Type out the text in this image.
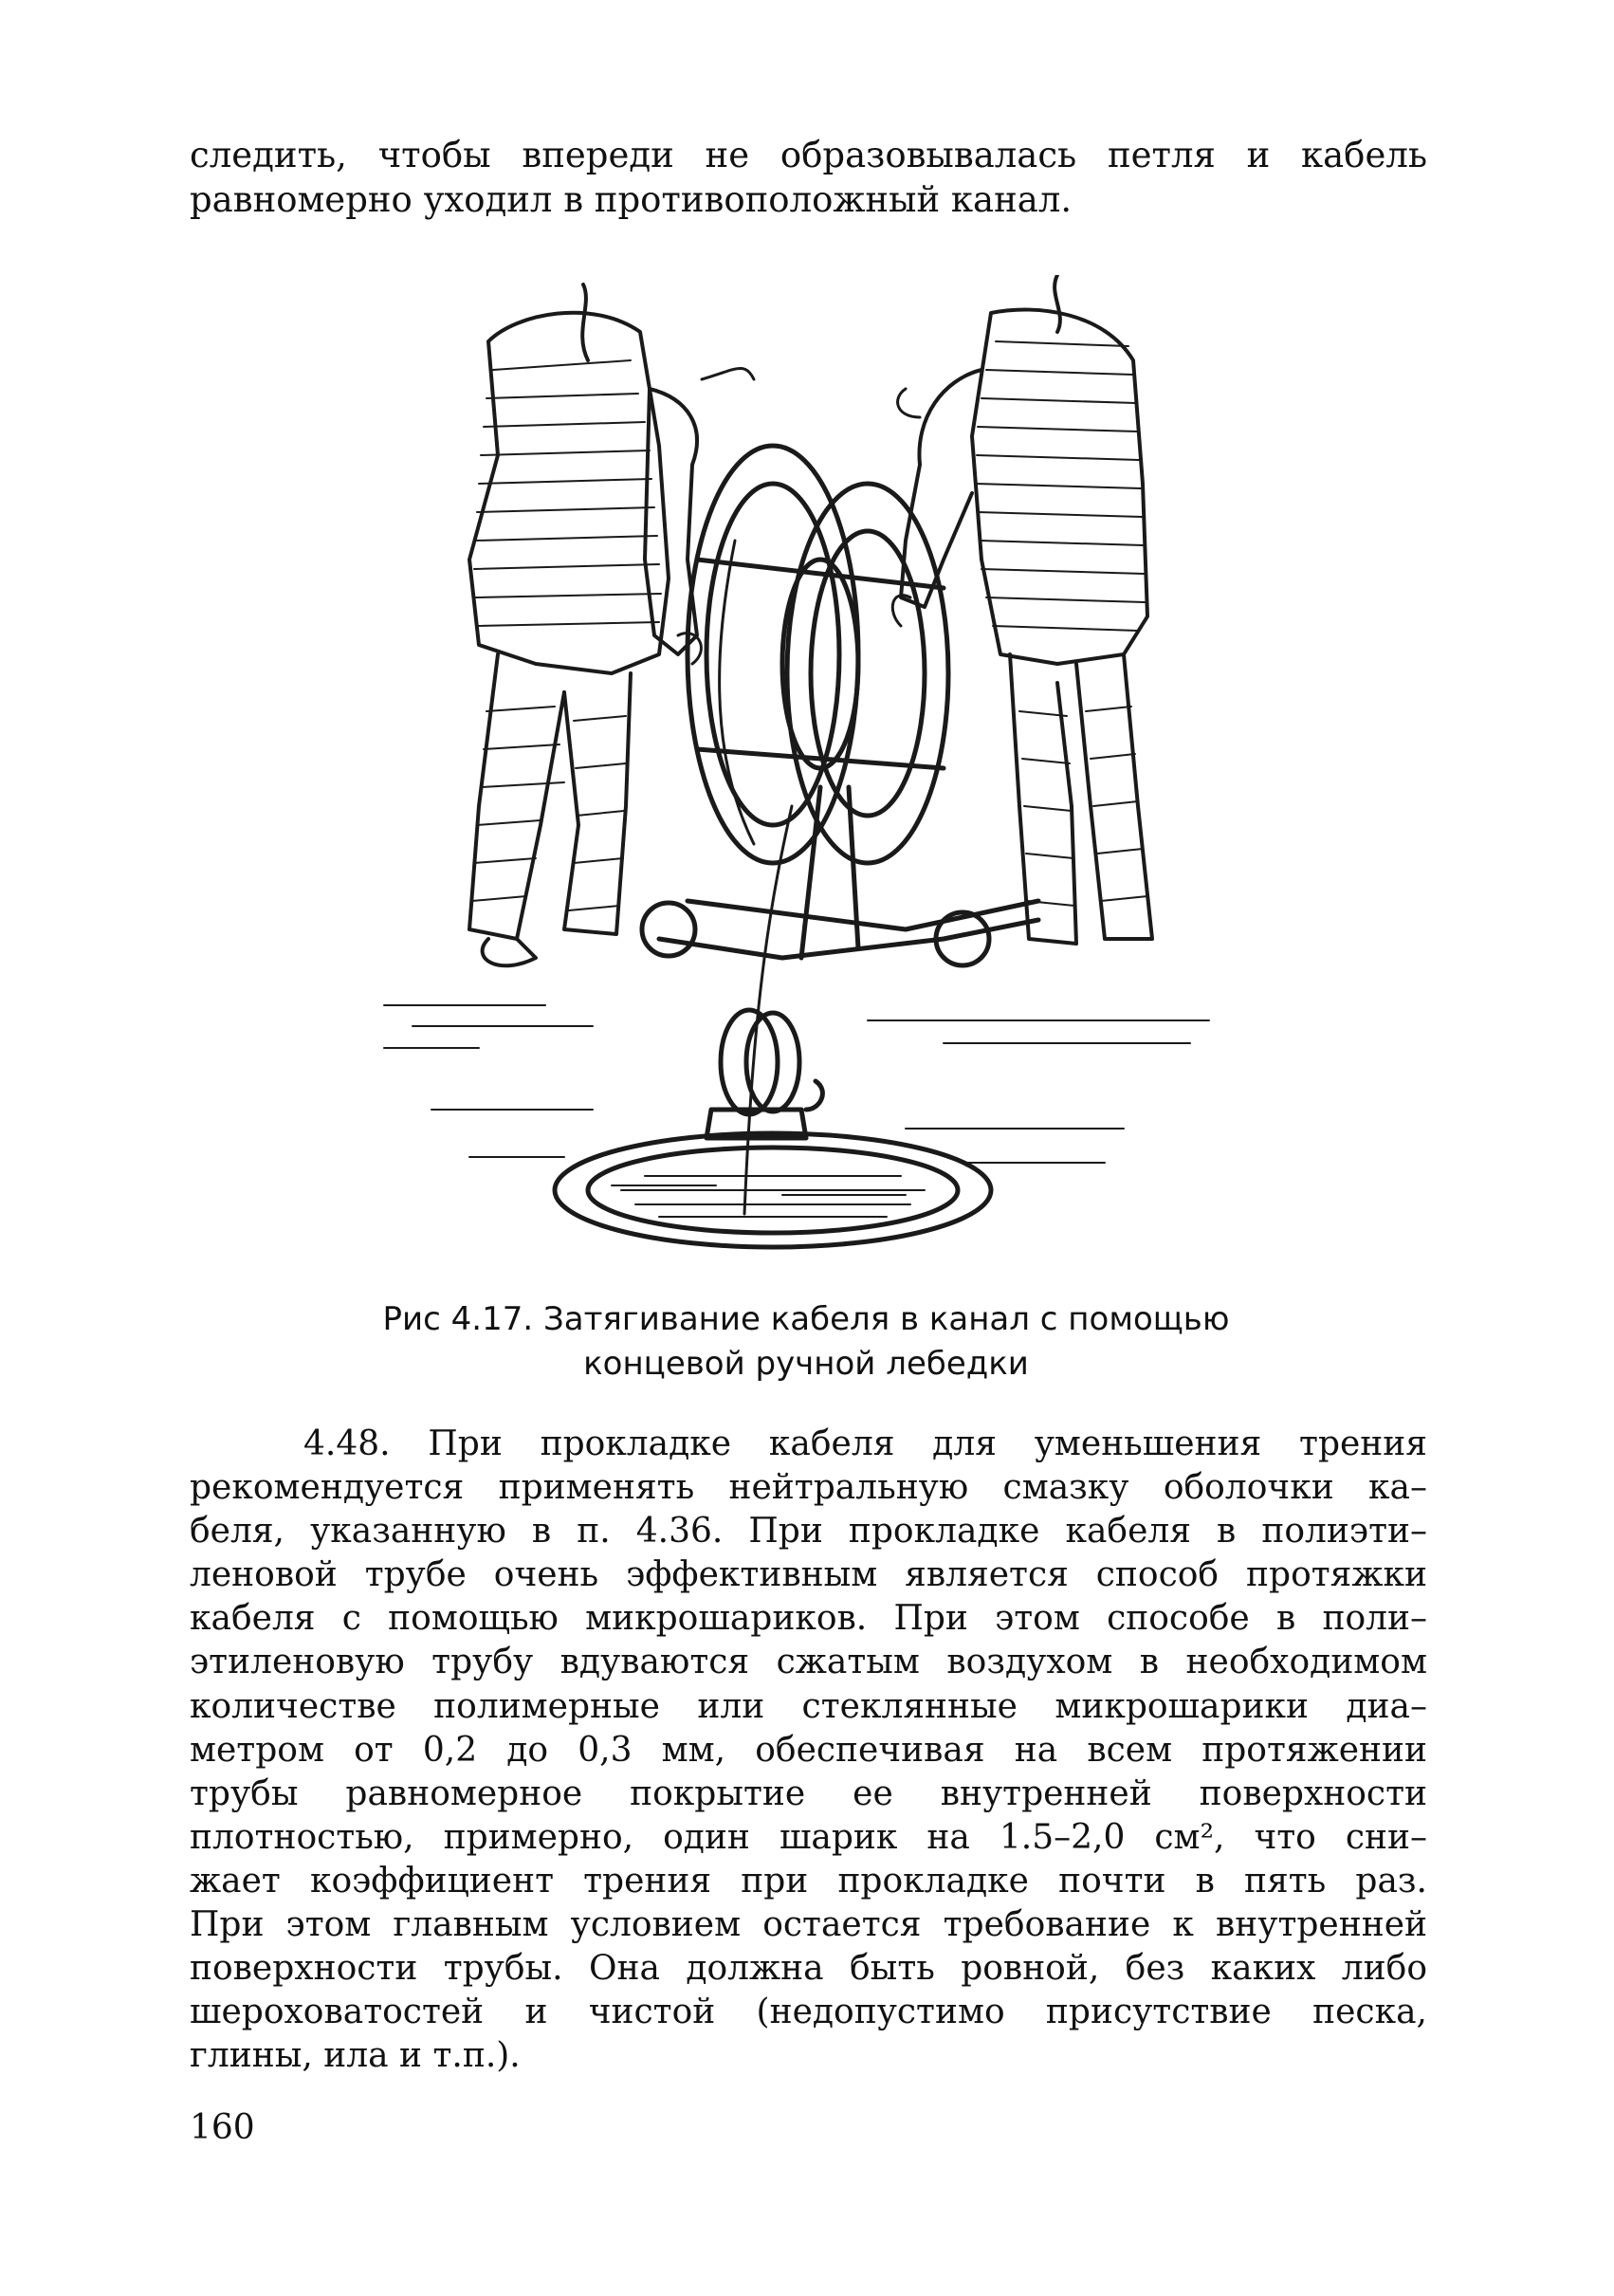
следить, чтобы впереди не образовывалась петля и кабель
равномерно уходил в противоположный канал.
Рис 4.17. Затягивание кабеля в канал с помощью
концевой ручной лебедки
4.48. При прокладке кабеля для уменьшения трения
рекомендуется применять нейтральную смазку оболочки ка–
беля, указанную в п. 4.36. При прокладке кабеля в полиэти–
леновой трубе очень эффективным является способ протяжки
кабеля с помощью микрошариков. При этом способе в поли–
этиленовую трубу вдуваются сжатым воздухом в необходимом
количестве полимерные или стеклянные микрошарики диа–
метром от 0,2 до 0,3 мм, обеспечивая на всем протяжении
трубы равномерное покрытие ее внутренней поверхности
плотностью, примерно, один шарик на 1.5–2,0 см², что сни–
жает коэффициент трения при прокладке почти в пять раз.
При этом главным условием остается требование к внутренней
поверхности трубы. Она должна быть ровной, без каких либо
шероховатостей и чистой (недопустимо присутствие песка,
глины, ила и т.п.).
160
